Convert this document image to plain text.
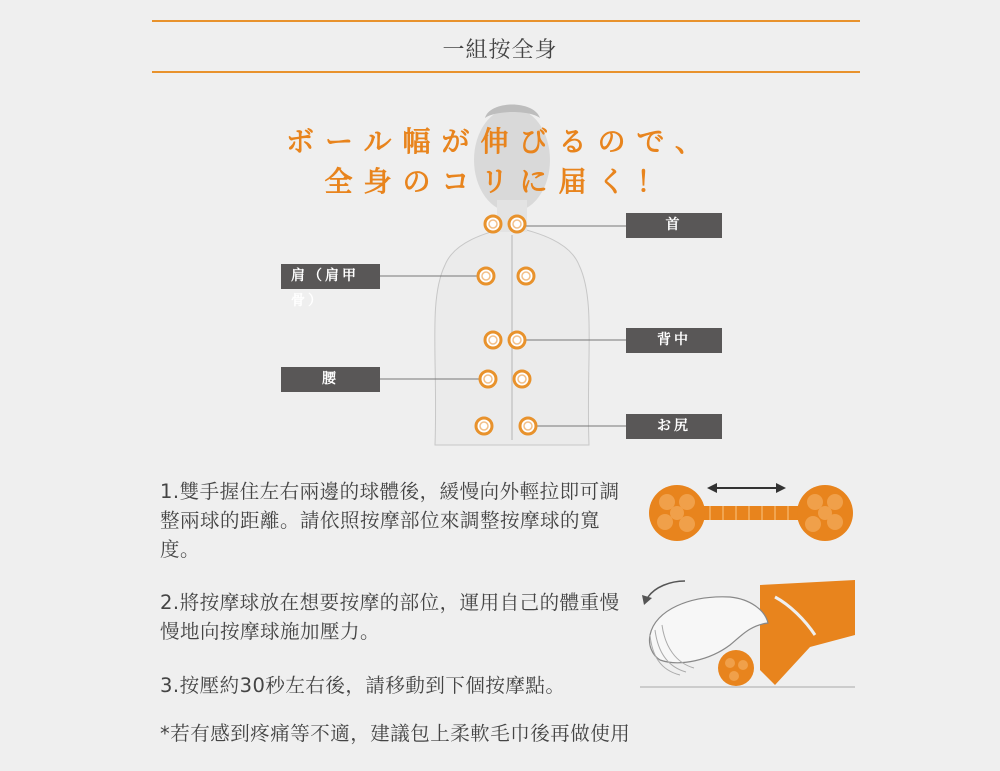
一組按全身
ボール幅が伸びるので、
全身のコリに届く！
首
肩（肩甲骨）
背中
腰
お尻
1.雙手握住左右兩邊的球體後，緩慢向外輕拉即可調整兩球的距離。請依照按摩部位來調整按摩球的寬度。
2.將按摩球放在想要按摩的部位，運用自己的體重慢慢地向按摩球施加壓力。
3.按壓約30秒左右後，請移動到下個按摩點。
*若有感到疼痛等不適，建議包上柔軟毛巾後再做使用
